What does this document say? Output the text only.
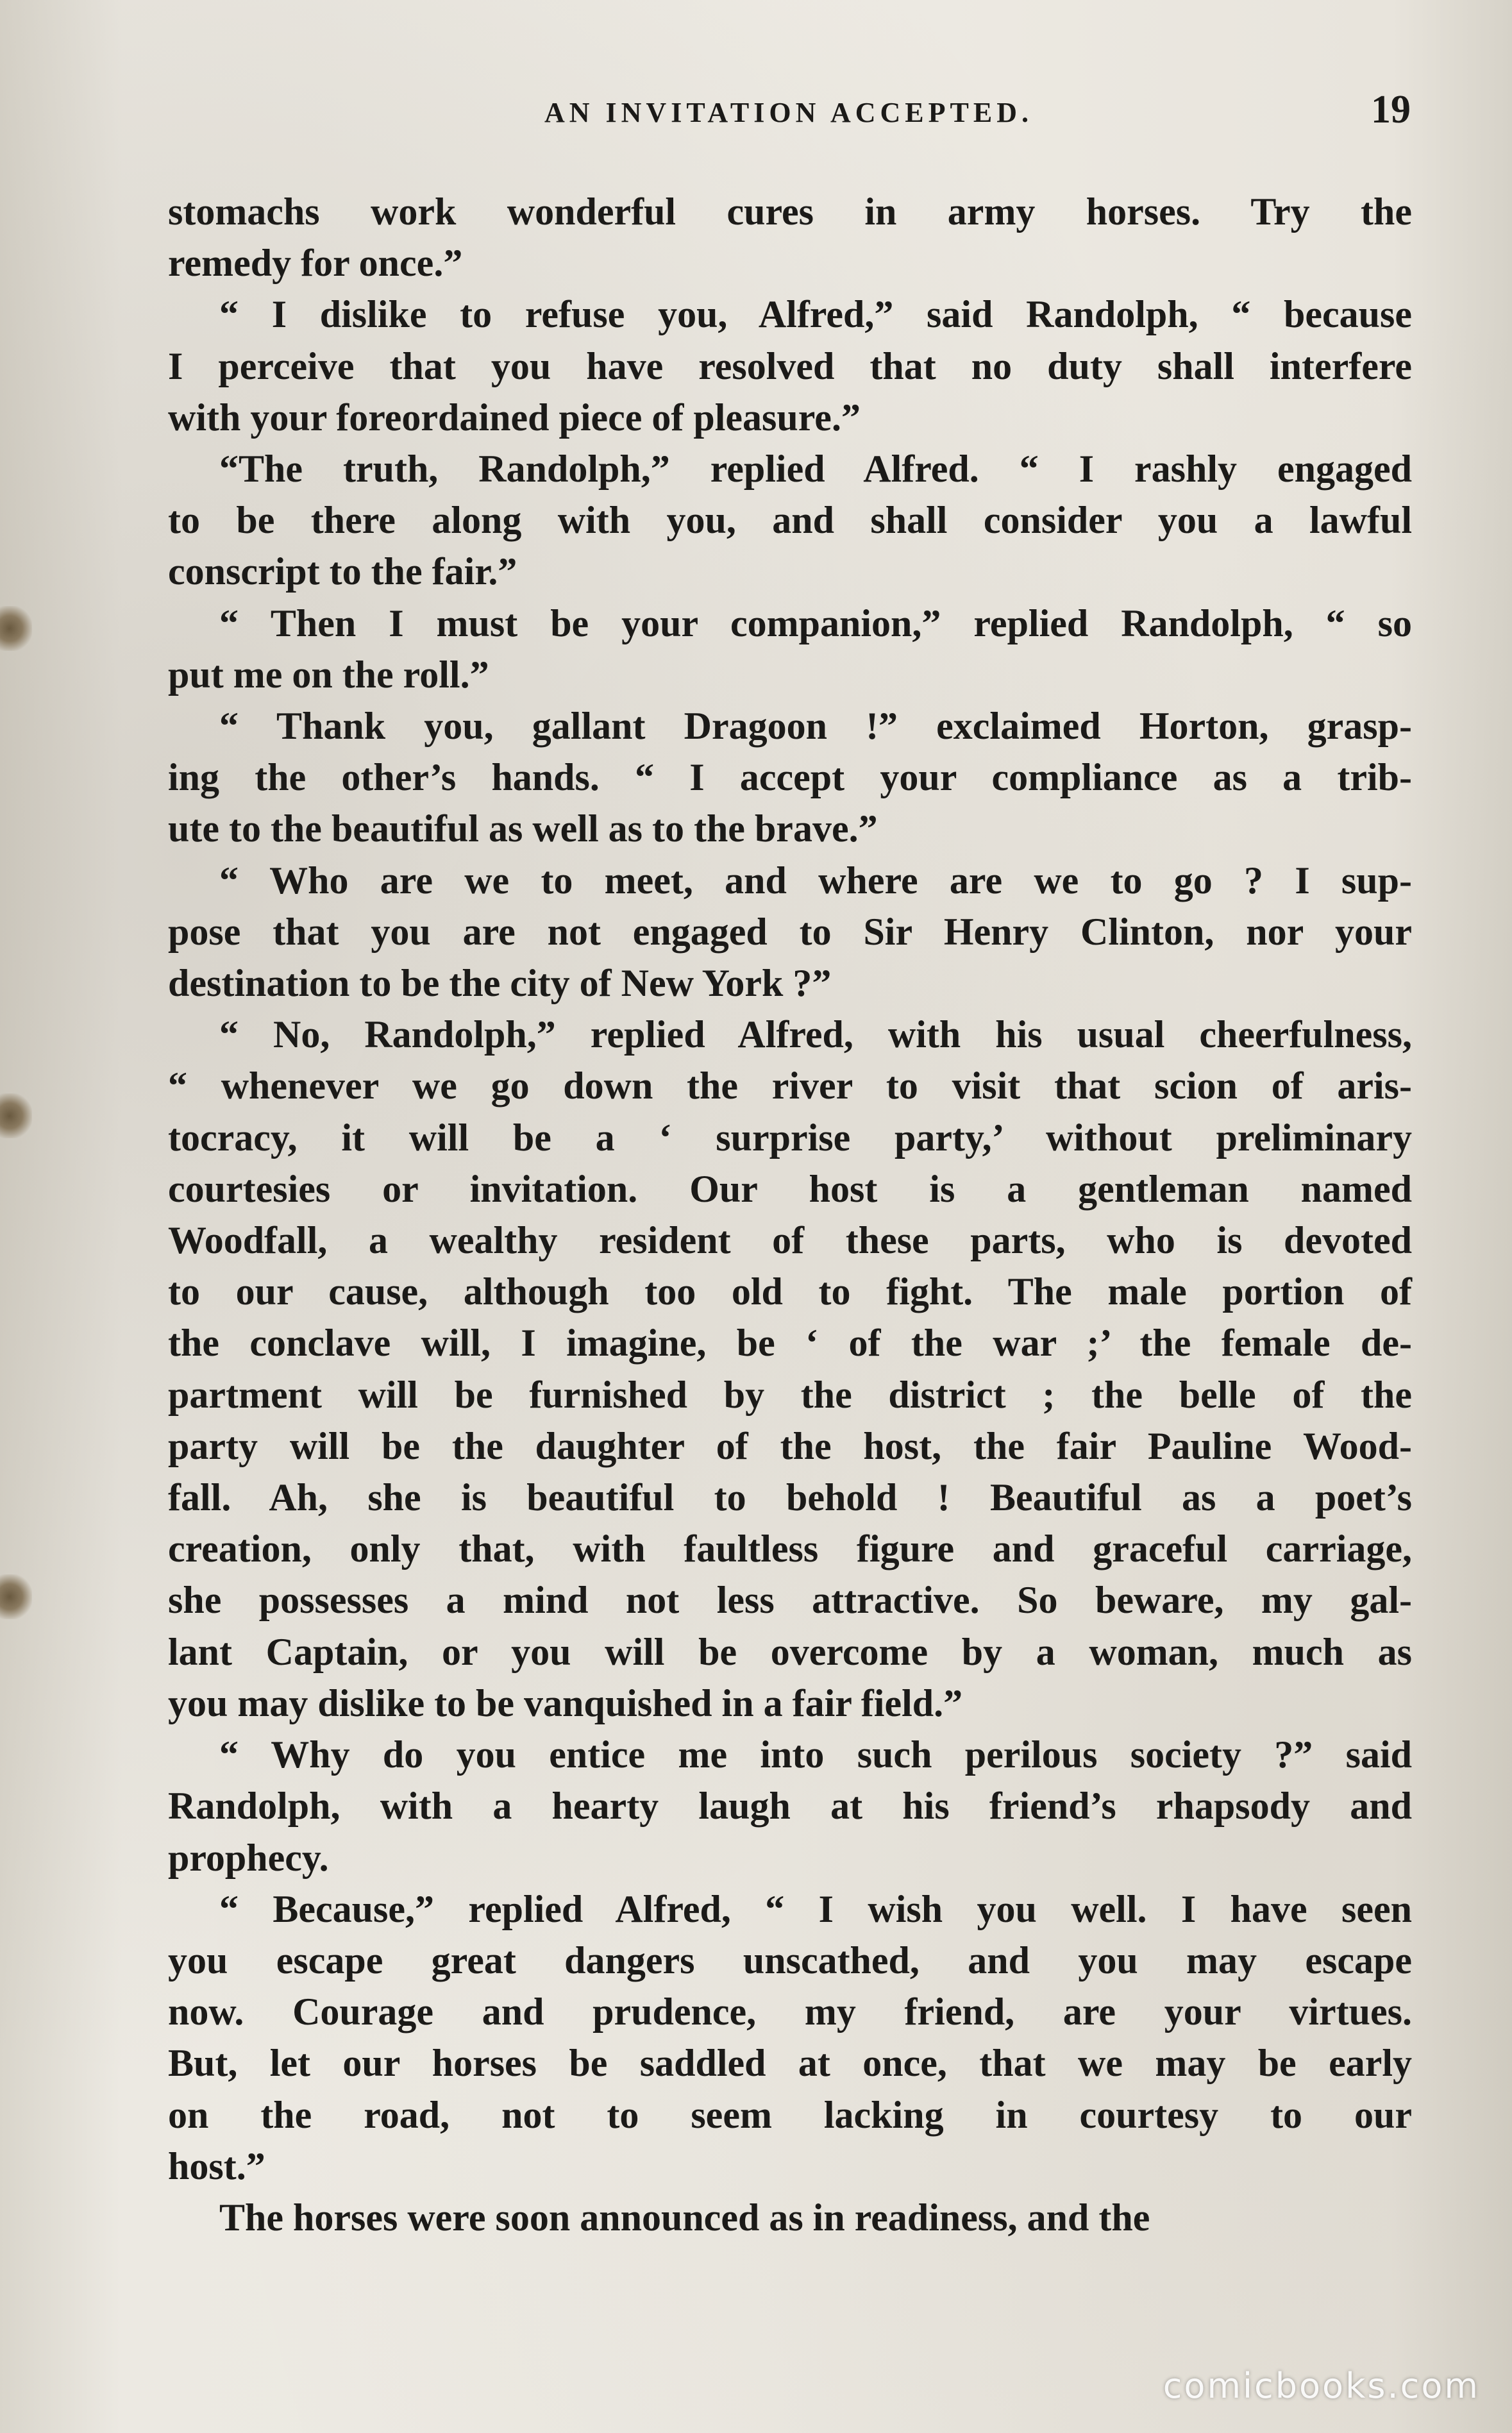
AN INVITATION ACCEPTED.	19

stomachs work wonderful cures in army horses. Try the
remedy for once.”

“ I dislike to refuse you, Alfred,” said Randolph, “ because
I perceive that you have resolved that no duty shall interfere
with your foreordained piece of pleasure.”

“The truth, Randolph,” replied Alfred. “ I rashly engaged
to be there along with you, and shall consider you a lawful
conscript to the fair.”

“ Then I must be your companion,” replied Randolph, “ so
put me on the roll.”

“ Thank you, gallant Dragoon !” exclaimed Horton, grasp-
ing the other’s hands. “ I accept your compliance as a trib-
ute to the beautiful as well as to the brave.”

“ Who are we to meet, and where are we to go ? I sup-
pose that you are not engaged to Sir Henry Clinton, nor your
destination to be the city of New York ?”

“ No, Randolph,” replied Alfred, with his usual cheerfulness,
“ whenever we go down the river to visit that scion of aris-
tocracy, it will be a ‘ surprise party,’ without preliminary
courtesies or invitation. Our host is a gentleman named
Woodfall, a wealthy resident of these parts, who is devoted
to our cause, although too old to fight. The male portion of
the conclave will, I imagine, be ‘ of the war ;’ the female de-
partment will be furnished by the district ; the belle of the
party will be the daughter of the host, the fair Pauline Wood-
fall. Ah, she is beautiful to behold ! Beautiful as a poet’s
creation, only that, with faultless figure and graceful carriage,
she possesses a mind not less attractive. So beware, my gal-
lant Captain, or you will be overcome by a woman, much as
you may dislike to be vanquished in a fair field.”

“ Why do you entice me into such perilous society ?” said
Randolph, with a hearty laugh at his friend’s rhapsody and
prophecy.

“ Because,” replied Alfred, “ I wish you well. I have seen
you escape great dangers unscathed, and you may escape
now. Courage and prudence, my friend, are your virtues.
But, let our horses be saddled at once, that we may be early
on the road, not to seem lacking in courtesy to our
host.”

The horses were soon announced as in readiness, and the

comicbooks.com
